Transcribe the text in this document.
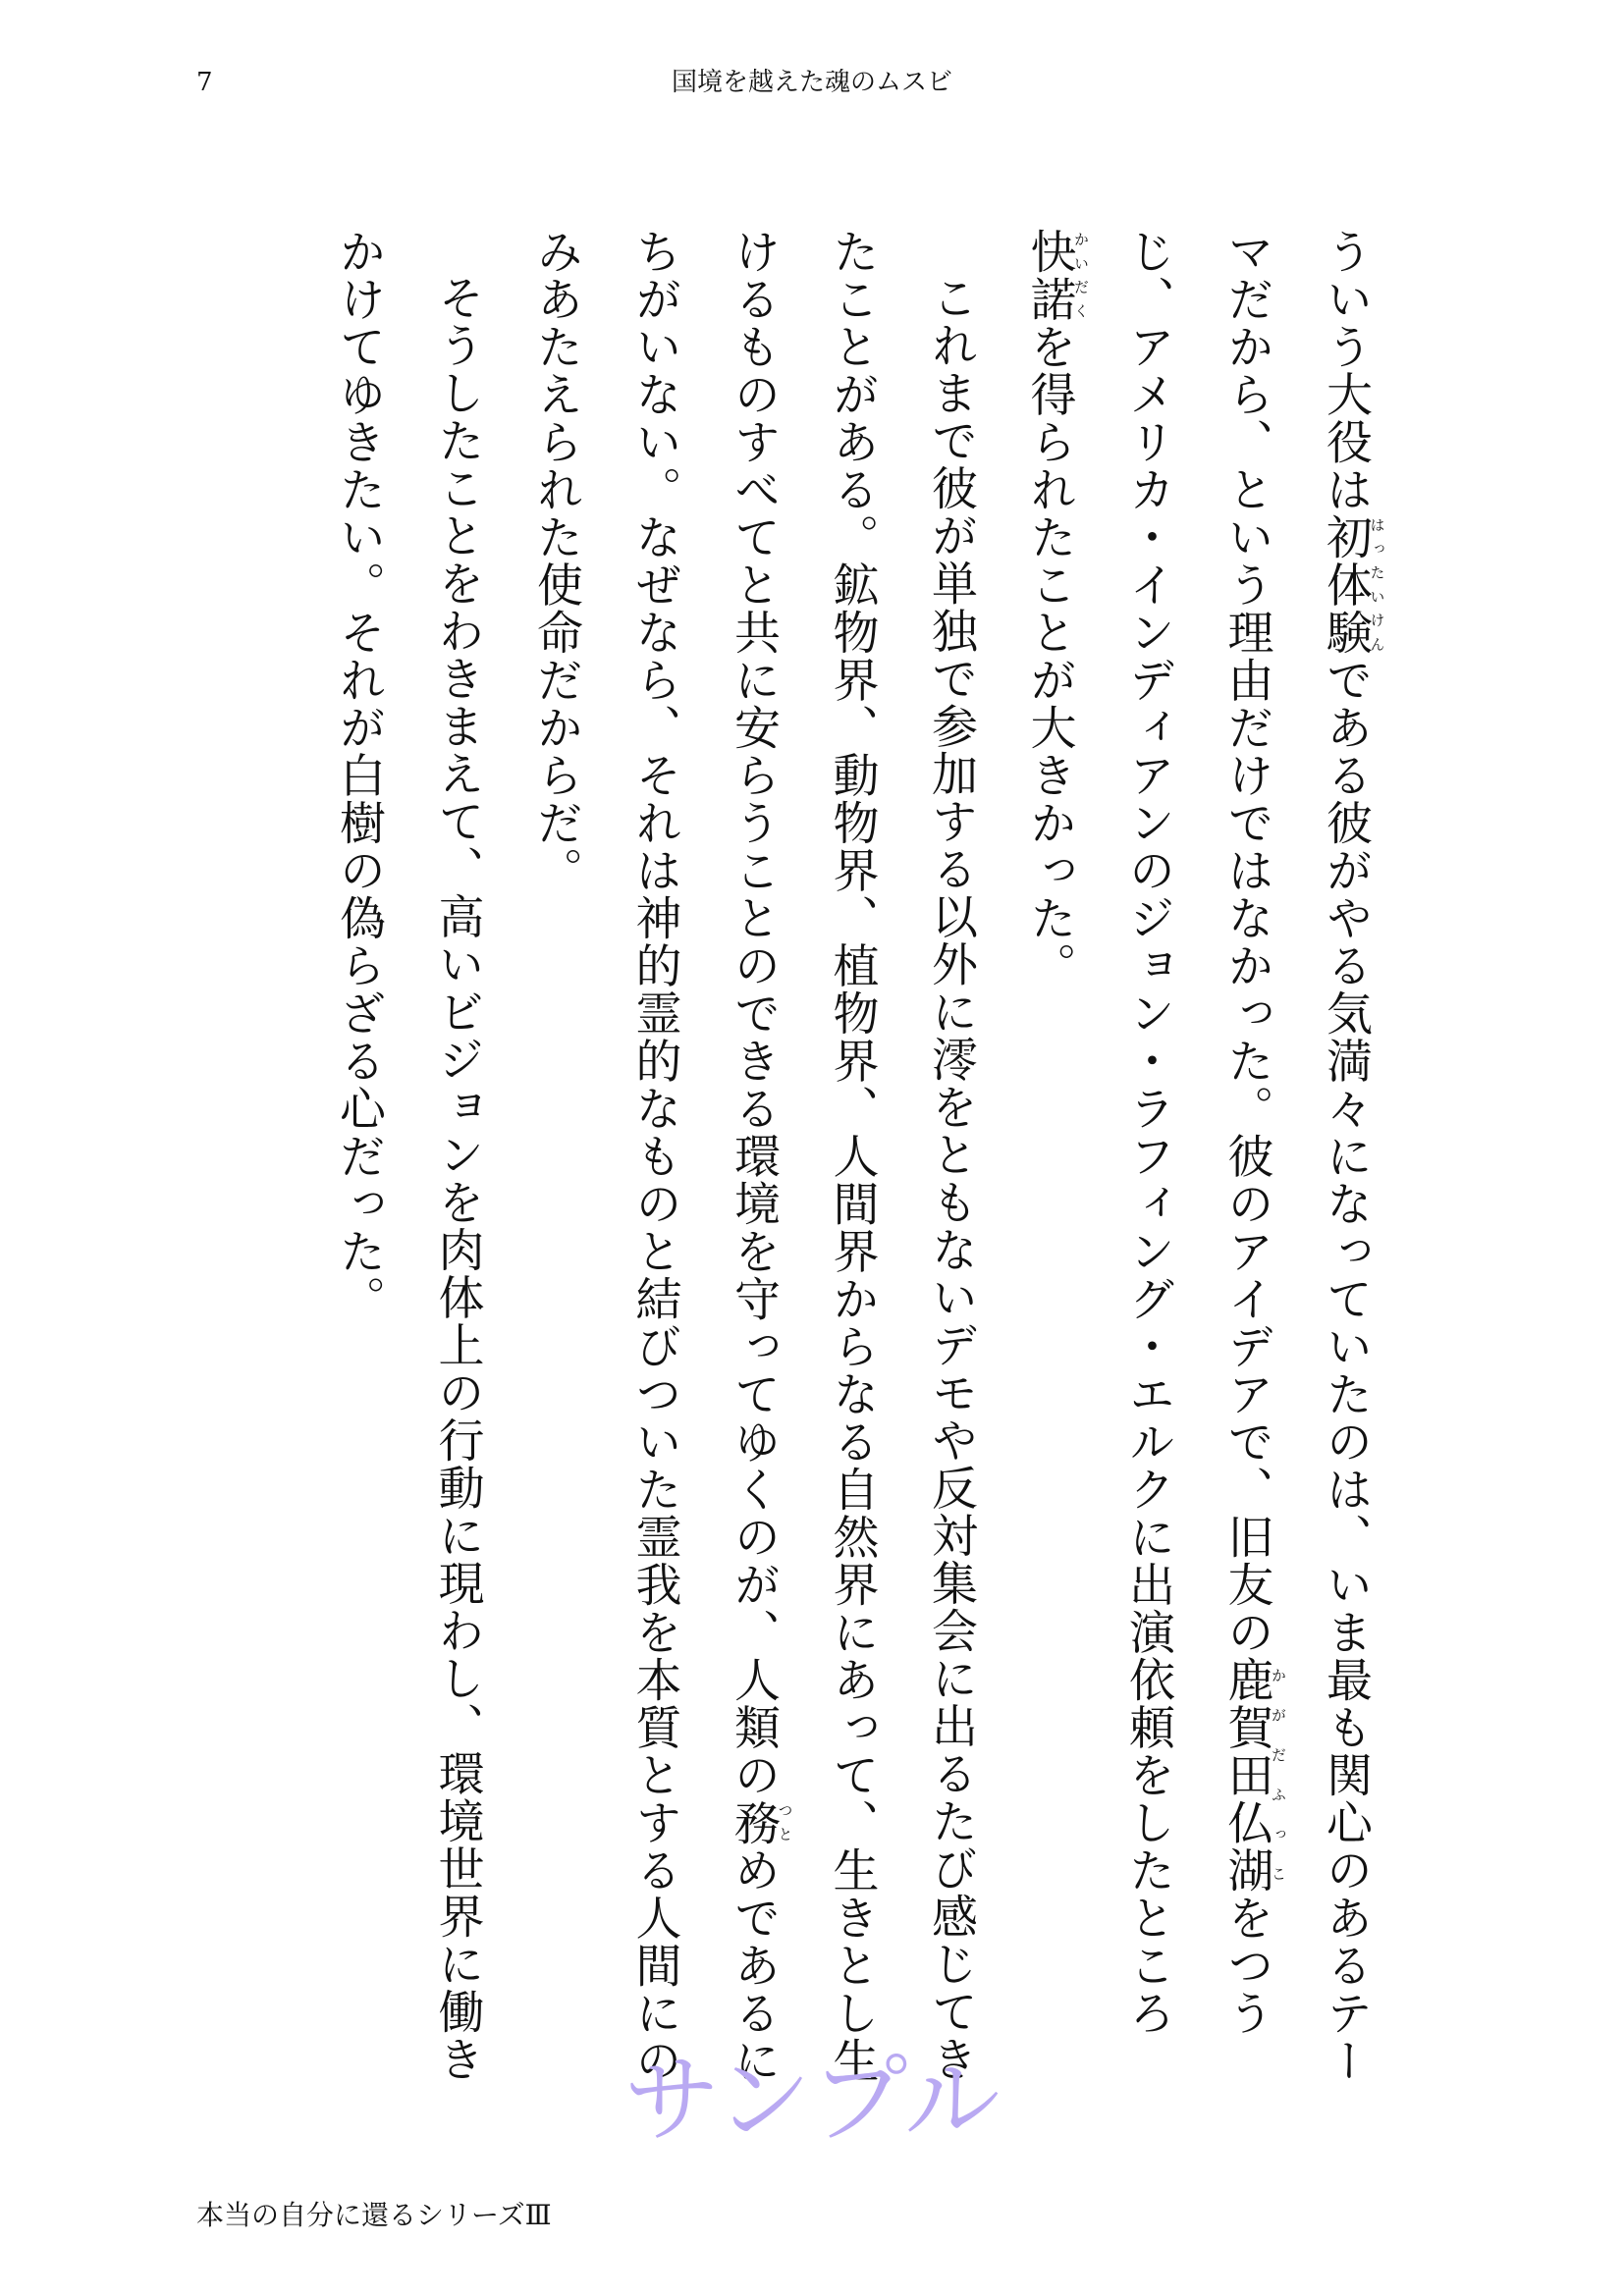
7	国境を越えた魂のムスビ

ういう大役は初体験はったいけんである彼がやる気満々になっていたのは、いま最も関心のあるテーマだから、という理由だけではなかった。彼のアイデアで、旧友の鹿賀田仏湖かがだふっこをつうじ、アメリカ・インディアンのジョン・ラフィング・エルクに出演依頼をしたところ快諾かいだくを得られたことが大きかった。

これまで彼が単独で参加する以外に澪をともないデモや反対集会に出るたび感じてきたことがある。鉱物界、動物界、植物界、人間界からなる自然界にあって、生きとし生けるものすべてと共に安らうことのできる環境を守ってゆくのが、人類の務つとめであるにちがいない。なぜなら、それは神的霊的なものと結びついた霊我を本質とする人間にのみあたえられた使命だからだ。

そうしたことをわきまえて、高いビジョンを肉体上の行動に現わし、環境世界に働きかけてゆきたい。それが白樹の偽らざる心だった。

サンプル
本当の自分に還るシリーズⅢ
